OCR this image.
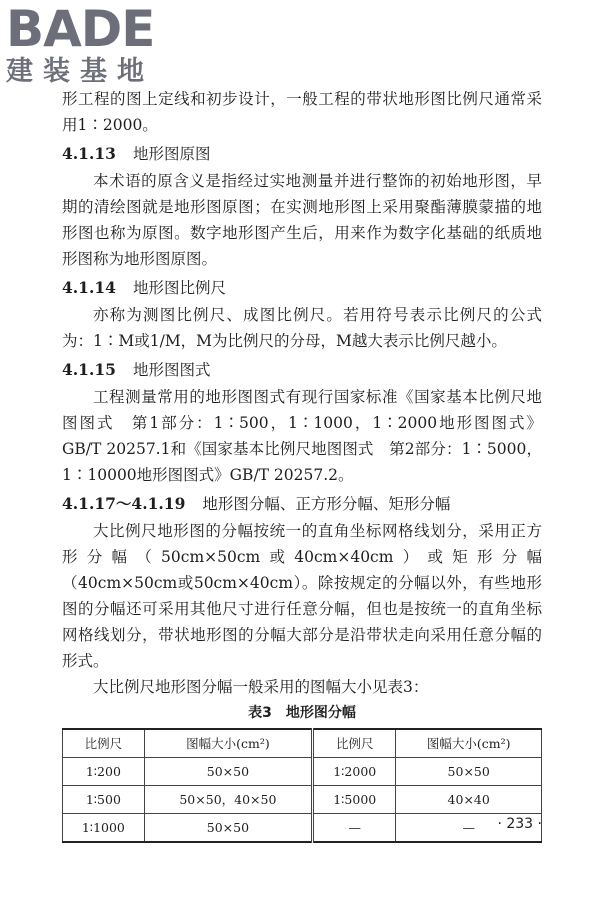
BADE
建装基地

形工程的图上定线和初步设计，一般工程的带状地形图比例尺通常采用1∶2000。

4.1.13 地形图原图

本术语的原含义是指经过实地测量并进行整饰的初始地形图，早期的清绘图就是地形图原图；在实测地形图上采用聚酯薄膜蒙描的地形图也称为原图。数字地形图产生后，用来作为数字化基础的纸质地形图称为地形图原图。

4.1.14 地形图比例尺

亦称为测图比例尺、成图比例尺。若用符号表示比例尺的公式为：1∶M或1/M，M为比例尺的分母，M越大表示比例尺越小。

4.1.15 地形图图式

工程测量常用的地形图图式有现行国家标准《国家基本比例尺地图图式　第1部分：1∶500，1∶1000，1∶2000地形图图式》GB/T 20257.1和《国家基本比例尺地图图式　第2部分：1∶5000，1∶10000地形图图式》GB/T 20257.2。

4.1.17～4.1.19 地形图分幅、正方形分幅、矩形分幅

大比例尺地形图的分幅按统一的直角坐标网格线划分，采用正方形分幅（50cm×50cm或40cm×40cm）或矩形分幅（40cm×50cm或50cm×40cm）。除按规定的分幅以外，有些地形图的分幅还可采用其他尺寸进行任意分幅，但也是按统一的直角坐标网格线划分，带状地形图的分幅大部分是沿带状走向采用任意分幅的形式。

大比例尺地形图分幅一般采用的图幅大小见表3：

表3　地形图分幅
比例尺	图幅大小(cm²)	比例尺	图幅大小(cm²)
1∶200	50×50	1∶2000	50×50
1∶500	50×50，40×50	1∶5000	40×40
1∶1000	50×50	—	— · 233 ·
